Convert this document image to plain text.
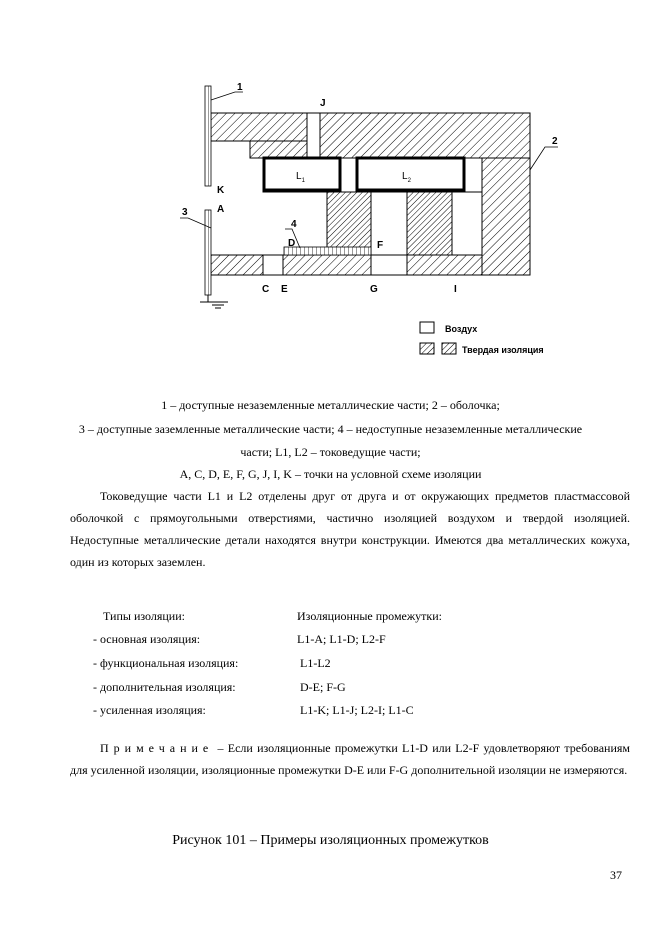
$L_1$	$L_2$
1
J
2
K
A
3
4
D	F
C E	G	I
Воздух
Твердая изоляция
1 – доступные незаземленные металлические части; 2 – оболочка;
3 – доступные заземленные металлические части; 4 – недоступные незаземленные металлические
части; L1, L2 – токоведущие части;
A, C, D, E, F, G, J, I, K – точки на условной схеме изоляции
Токоведущие части L1 и L2 отделены друг от друга и от окружающих предметов пластмассовой оболочкой с прямоугольными отверстиями, частично изоляцией воздухом и твердой изоляцией. Недоступные металлические детали находятся внутри конструкции. Имеются два металлических кожуха, один из которых заземлен.
Типы изоляции:	Изоляционные промежутки:
- основная изоляция:	L1-A; L1-D; L2-F
- функциональная изоляция:	L1-L2
- дополнительная изоляция:	D-E; F-G
- усиленная изоляция:	L1-K; L1-J; L2-I; L1-C
Примечание – Если изоляционные промежутки L1-D или L2-F удовлетворяют требованиям для усиленной изоляции, изоляционные промежутки D-E или F-G дополнительной изоляции не измеряются.
Рисунок 101 – Примеры изоляционных промежутков
37
